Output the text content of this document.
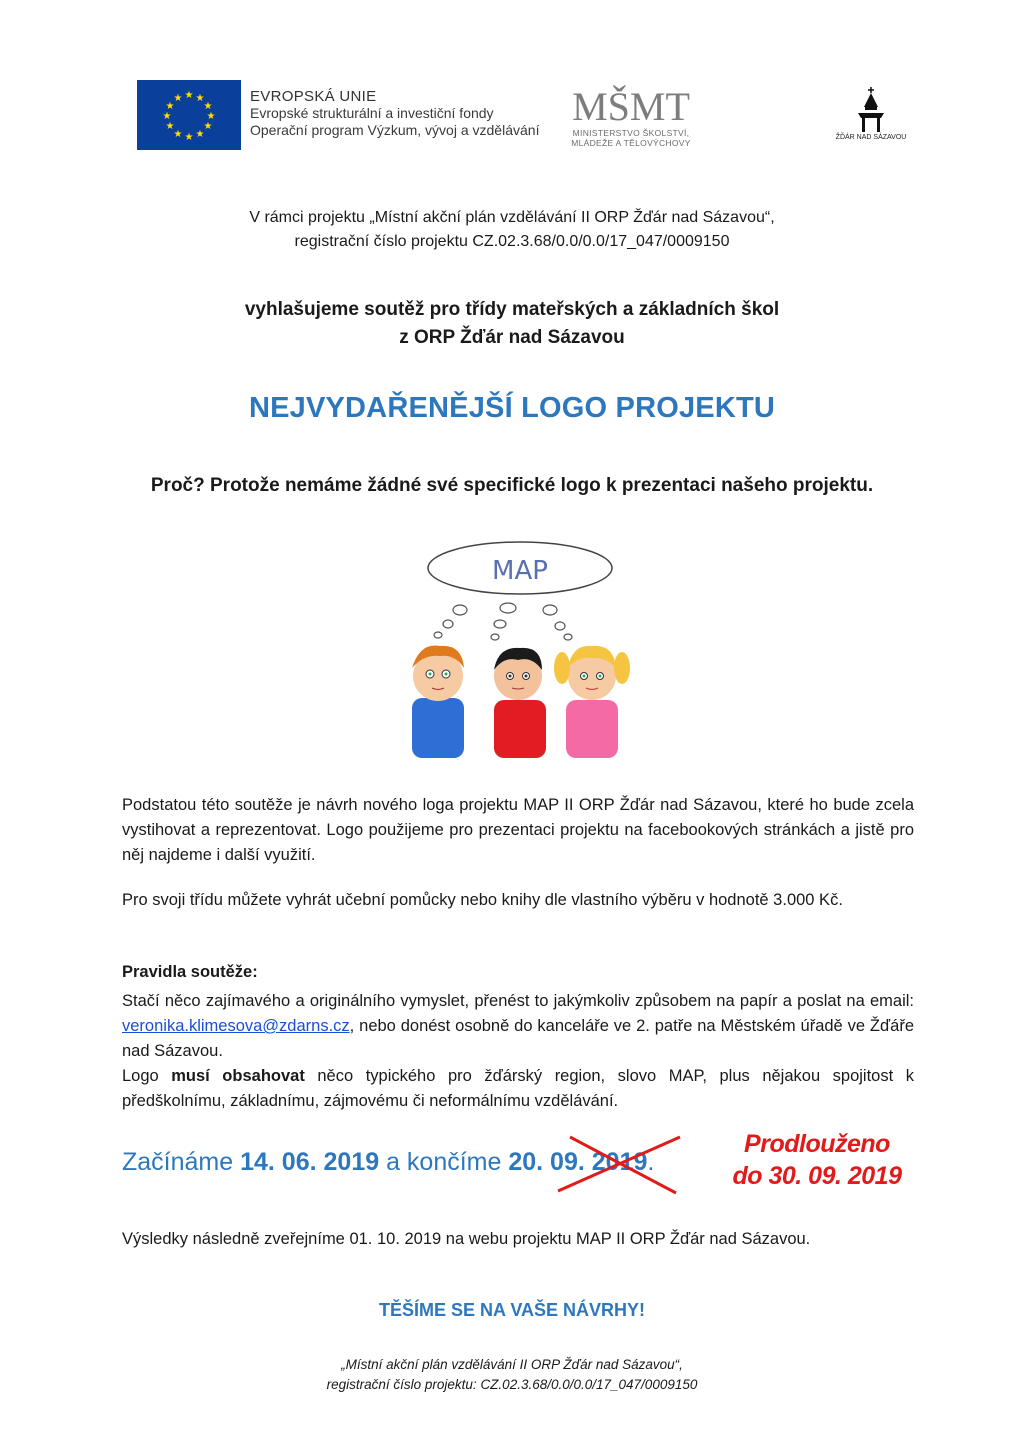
★ ★
★
★
★
★
★
★
★
★
★
★	EVROPSKÁ UNIE
Evropské strukturální a investiční fondy
Operační program Výzkum, vývoj a vzdělávání
MŠMT
MINISTERSTVO ŠKOLSTVÍ,
MLÁDEŽE A TĚLOVÝCHOVY
ŽĎÁR NAD SÁZAVOU
V rámci projektu „Místní akční plán vzdělávání II ORP Žďár nad Sázavou“,
registrační číslo projektu CZ.02.3.68/0.0/0.0/17_047/0009150
vyhlašujeme soutěž pro třídy mateřských a základních škol
z ORP Žďár nad Sázavou
NEJVYDAŘENĚJŠÍ LOGO PROJEKTU
Proč? Protože nemáme žádné své specifické logo k prezentaci našeho projektu.
MAP
Podstatou této soutěže je návrh nového loga projektu MAP II ORP Žďár nad Sázavou, které ho bude zcela vystihovat a reprezentovat. Logo použijeme pro prezentaci projektu na facebookových stránkách a jistě pro něj najdeme i další využití.
Pro svoji třídu můžete vyhrát učební pomůcky nebo knihy dle vlastního výběru v hodnotě 3.000 Kč.
Pravidla soutěže:
Stačí něco zajímavého a originálního vymyslet, přenést to jakýmkoliv způsobem na papír a poslat na email: veronika.klimesova@zdarns.cz, nebo donést osobně do kanceláře ve 2. patře na Městském úřadě ve Žďáře nad Sázavou.
Logo musí obsahovat něco typického pro žďárský region, slovo MAP, plus nějakou spojitost k předškolnímu, základnímu, zájmovému či neformálnímu vzdělávání.
Začínáme 14. 06. 2019 a končíme 20. 09. 2019.
Prodlouženo
do 30. 09. 2019
Výsledky následně zveřejníme 01. 10. 2019 na webu projektu MAP II ORP Žďár nad Sázavou.
TĚŠÍME SE NA VAŠE NÁVRHY!
„Místní akční plán vzdělávání II ORP Žďár nad Sázavou“,
registrační číslo projektu: CZ.02.3.68/0.0/0.0/17_047/0009150
